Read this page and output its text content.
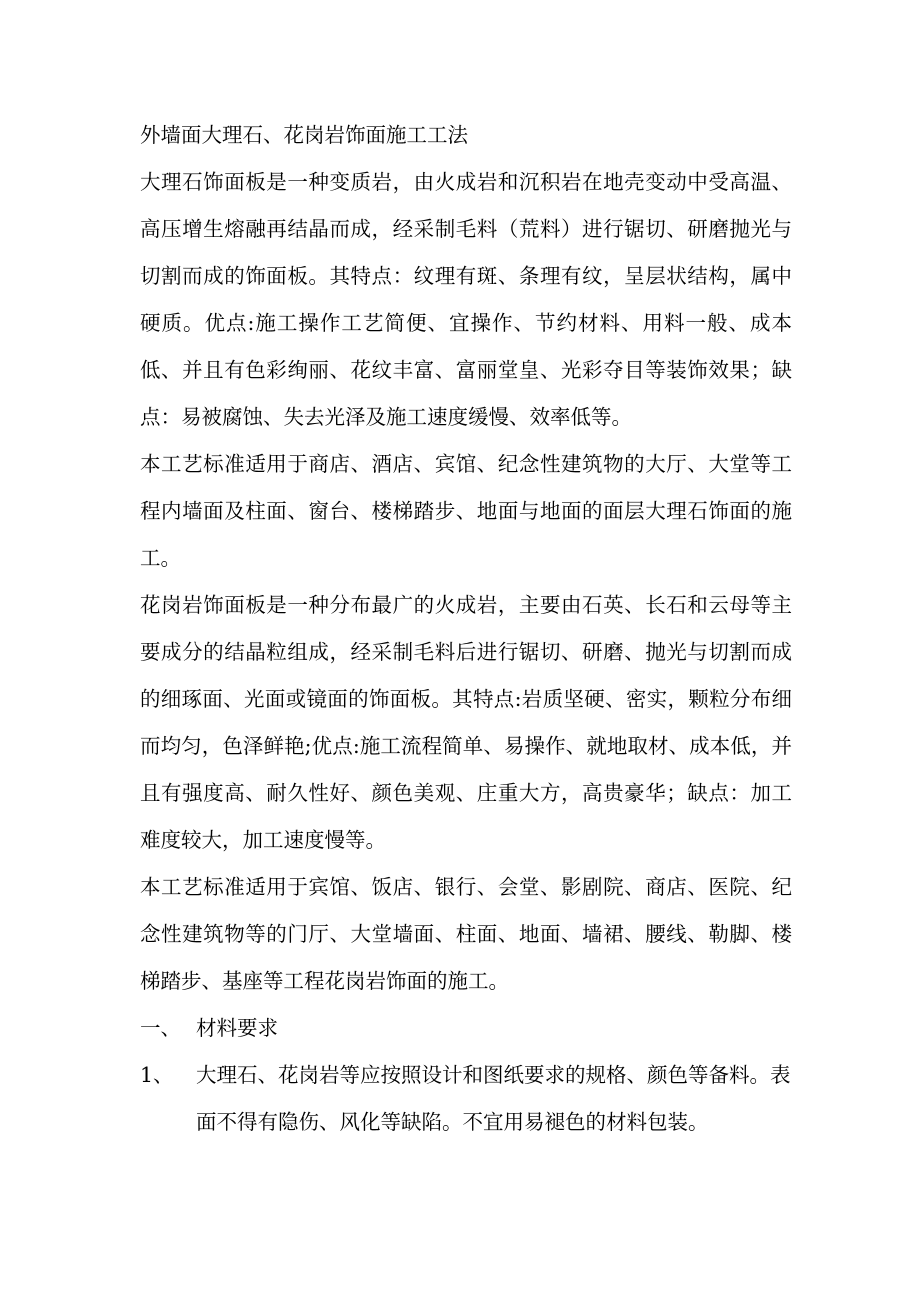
外墙面大理石、花岗岩饰面施工工法

大理石饰面板是一种变质岩，由火成岩和沉积岩在地壳变动中受高温、高压增生熔融再结晶而成，经采制毛料（荒料）进行锯切、研磨抛光与切割而成的饰面板。其特点：纹理有斑、条理有纹，呈层状结构，属中硬质。优点:施工操作工艺简便、宜操作、节约材料、用料一般、成本低、并且有色彩绚丽、花纹丰富、富丽堂皇、光彩夺目等装饰效果；缺点：易被腐蚀、失去光泽及施工速度缓慢、效率低等。

本工艺标准适用于商店、酒店、宾馆、纪念性建筑物的大厅、大堂等工程内墙面及柱面、窗台、楼梯踏步、地面与地面的面层大理石饰面的施工。

花岗岩饰面板是一种分布最广的火成岩，主要由石英、长石和云母等主要成分的结晶粒组成，经采制毛料后进行锯切、研磨、抛光与切割而成的细琢面、光面或镜面的饰面板。其特点:岩质坚硬、密实，颗粒分布细而均匀，色泽鲜艳;优点:施工流程简单、易操作、就地取材、成本低，并且有强度高、耐久性好、颜色美观、庄重大方，高贵豪华；缺点：加工难度较大，加工速度慢等。

本工艺标准适用于宾馆、饭店、银行、会堂、影剧院、商店、医院、纪念性建筑物等的门厅、大堂墙面、柱面、地面、墙裙、腰线、勒脚、楼梯踏步、基座等工程花岗岩饰面的施工。

一、 材料要求

1、 大理石、花岗岩等应按照设计和图纸要求的规格、颜色等备料。表面不得有隐伤、风化等缺陷。不宜用易褪色的材料包装。
